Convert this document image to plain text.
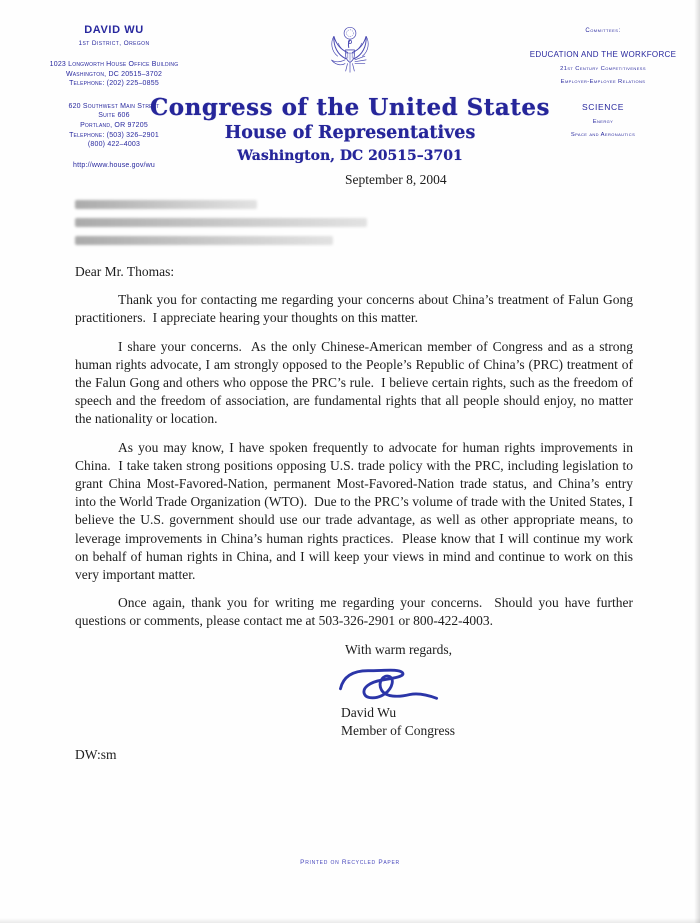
DAVID WU
1st District, Oregon
1023 Longworth House Office Building
Washington, DC 20515–3702
Telephone: (202) 225–0855
620 Southwest Main Street
Suite 606
Portland, OR 97205
Telephone: (503) 326–2901
(800) 422–4003
http://www.house.gov/wu
Committees:
EDUCATION AND THE WORKFORCE
21st Century Competitiveness
Employer-Employee Relations
SCIENCE
Energy
Space and Aeronautics
Congress of the United States
House of Representatives
Washington, DC 20515–3701
September 8, 2004
Dear Mr. Thomas:

Thank you for contacting me regarding your concerns about China’s treatment of Falun Gong practitioners.  I appreciate hearing your thoughts on this matter.

I share your concerns.  As the only Chinese-American member of Congress and as a strong human rights advocate, I am strongly opposed to the People’s Republic of China’s (PRC) treatment of the Falun Gong and others who oppose the PRC’s rule.  I believe certain rights, such as the freedom of speech and the freedom of association, are fundamental rights that all people should enjoy, no matter the nationality or location.

As you may know, I have spoken frequently to advocate for human rights improvements in China.  I take taken strong positions opposing U.S. trade policy with the PRC, including legislation to grant China Most-Favored-Nation, permanent Most-Favored-Nation trade status, and China’s entry into the World Trade Organization (WTO).  Due to the PRC’s volume of trade with the United States, I believe the U.S. government should use our trade advantage, as well as other appropriate means, to leverage improvements in China’s human rights practices.  Please know that I will continue my work on behalf of human rights in China, and I will keep your views in mind and continue to work on this very important matter.

Once again, thank you for writing me regarding your concerns.  Should you have further questions or comments, please contact me at 503-326-2901 or 800-422-4003.

With warm regards,
David Wu
Member of Congress
DW:sm
Printed on Recycled Paper
